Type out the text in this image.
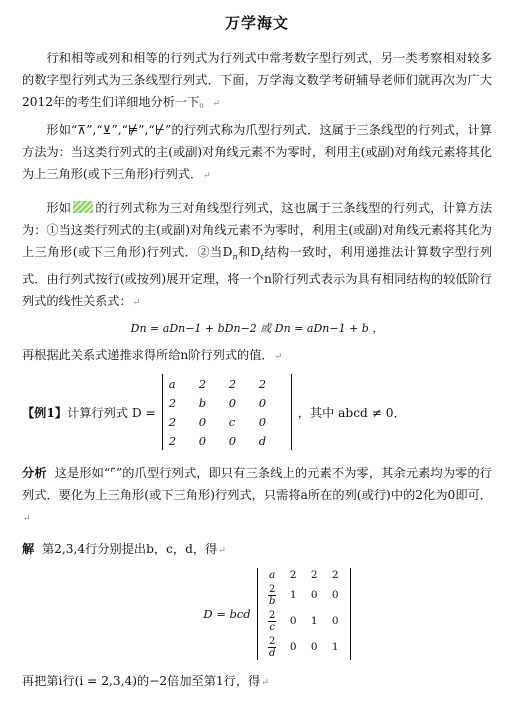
万学海文

行和相等或列和相等的行列式为行列式中常考数字型行列式，另一类考察相对较多的数字型行列式为三条线型行列式．下面，万学海文数学考研辅导老师们就再次为广大2012年的考生们详细地分析一下。↵

形如“⊼”,“⊻”,“⊭”,“⊬”的行列式称为爪型行列式．这属于三条线型的行列式，计算方法为：当这类行列式的主(或副)对角线元素不为零时，利用主(或副)对角线元素将其化为上三角形(或下三角形)行列式．↵

形如 的行列式称为三对角线型行列式，这也属于三条线型的行列式，计算方法为：①当这类行列式的主(或副)对角线元素不为零时，利用主(或副)对角线元素将其化为上三角形(或下三角形)行列式．②当$D_n$和$D_t$结构一致时，利用递推法计算数字型行列式．由行列式按行(或按列)展开定理，将一个n阶行列式表示为具有相同结构的较低阶行列式的线性关系式：↵

Dn = aDn−1 + bDn−2 或 Dn = aDn−1 + b ，

再根据此关系式递推求得所给n阶行列式的值．↵

【例1】 计算行列式 D =
a	2	2	2
2	b	0	0
2	0	c	0
2	0	0	d
，其中 abcd ≠ 0．

分析 这是形如“⌜”的爪型行列式，即只有三条线上的元素不为零，其余元素均为零的行列式．要化为上三角形(或下三角形)行列式，只需将a所在的列(或行)中的2化为0即可．↵

解 第2,3,4行分别提出b，c，d，得↵

D = bcd
a	2	2	2

$\frac{2}{b}$	1	0	0

$\frac{2}{c}$	0	1	0

$\frac{2}{d}$	0	0	1

再把第i行(i = 2,3,4)的−2倍加至第1行，得↵
